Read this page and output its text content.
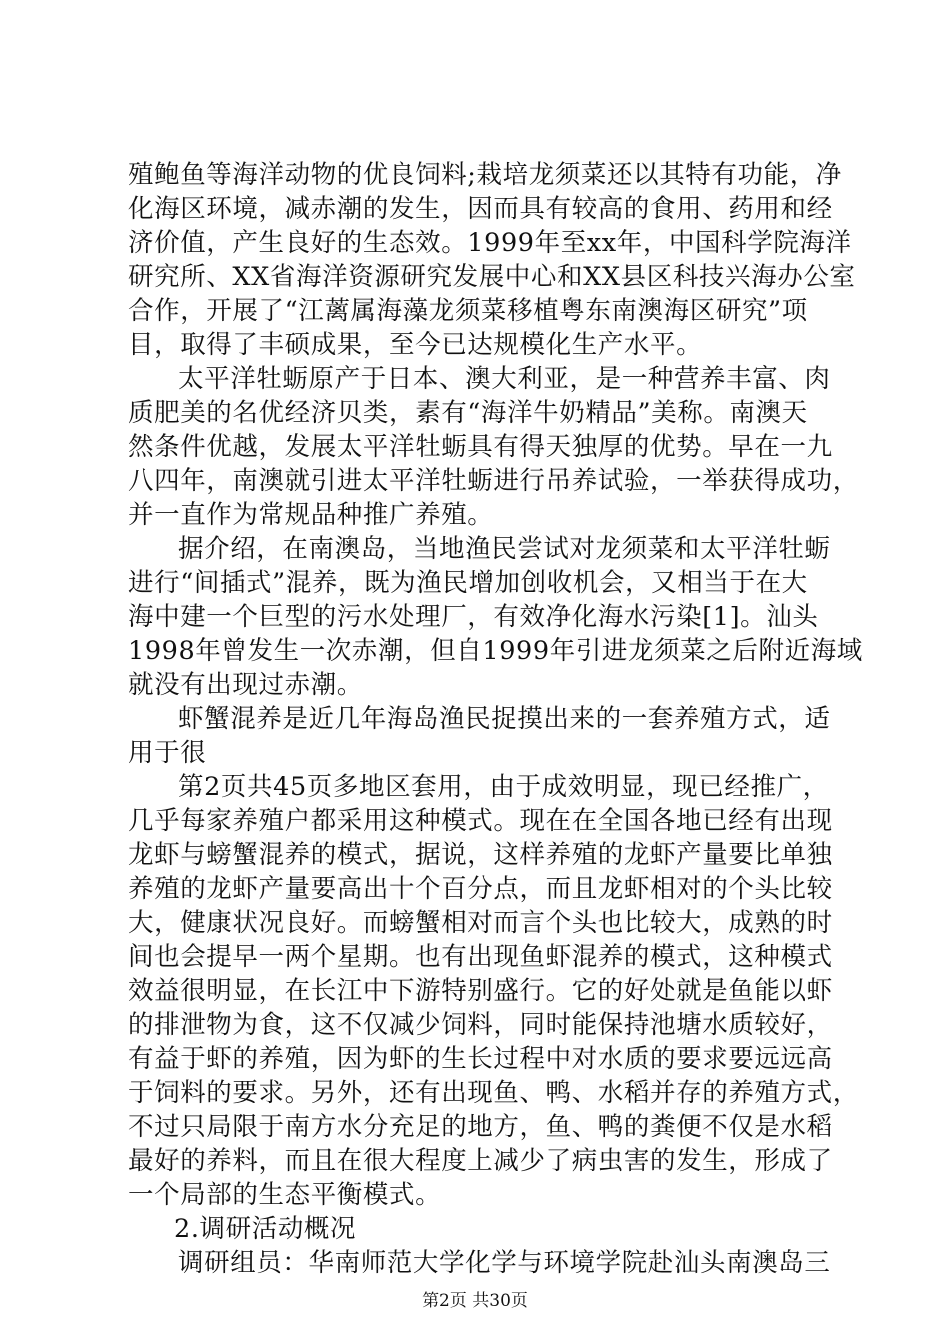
殖鲍鱼等海洋动物的优良饲料;栽培龙须菜还以其特有功能，净
化海区环境，减赤潮的发生，因而具有较高的食用、药用和经
济价值，产生良好的生态效。1999年至xx年，中国科学院海洋
研究所、XX省海洋资源研究发展中心和XX县区科技兴海办公室
合作，开展了“江蓠属海藻龙须菜移植粤东南澳海区研究”项
目，取得了丰硕成果，至今已达规模化生产水平。
太平洋牡蛎原产于日本、澳大利亚，是一种营养丰富、肉
质肥美的名优经济贝类，素有“海洋牛奶精品”美称。南澳天
然条件优越，发展太平洋牡蛎具有得天独厚的优势。早在一九
八四年，南澳就引进太平洋牡蛎进行吊养试验，一举获得成功，
并一直作为常规品种推广养殖。
据介绍，在南澳岛，当地渔民尝试对龙须菜和太平洋牡蛎
进行“间插式”混养，既为渔民增加创收机会，又相当于在大
海中建一个巨型的污水处理厂，有效净化海水污染[1]。汕头
1998年曾发生一次赤潮，但自1999年引进龙须菜之后附近海域
就没有出现过赤潮。
虾蟹混养是近几年海岛渔民捉摸出来的一套养殖方式，适
用于很
第2页共45页多地区套用，由于成效明显，现已经推广，
几乎每家养殖户都采用这种模式。现在在全国各地已经有出现
龙虾与螃蟹混养的模式，据说，这样养殖的龙虾产量要比单独
养殖的龙虾产量要高出十个百分点，而且龙虾相对的个头比较
大，健康状况良好。而螃蟹相对而言个头也比较大，成熟的时
间也会提早一两个星期。也有出现鱼虾混养的模式，这种模式
效益很明显，在长江中下游特别盛行。它的好处就是鱼能以虾
的排泄物为食，这不仅减少饲料，同时能保持池塘水质较好，
有益于虾的养殖，因为虾的生长过程中对水质的要求要远远高
于饲料的要求。另外，还有出现鱼、鸭、水稻并存的养殖方式，
不过只局限于南方水分充足的地方，鱼、鸭的粪便不仅是水稻
最好的养料，而且在很大程度上减少了病虫害的发生，形成了
一个局部的生态平衡模式。
2.调研活动概况
调研组员：华南师范大学化学与环境学院赴汕头南澳岛三
第2页 共30页
